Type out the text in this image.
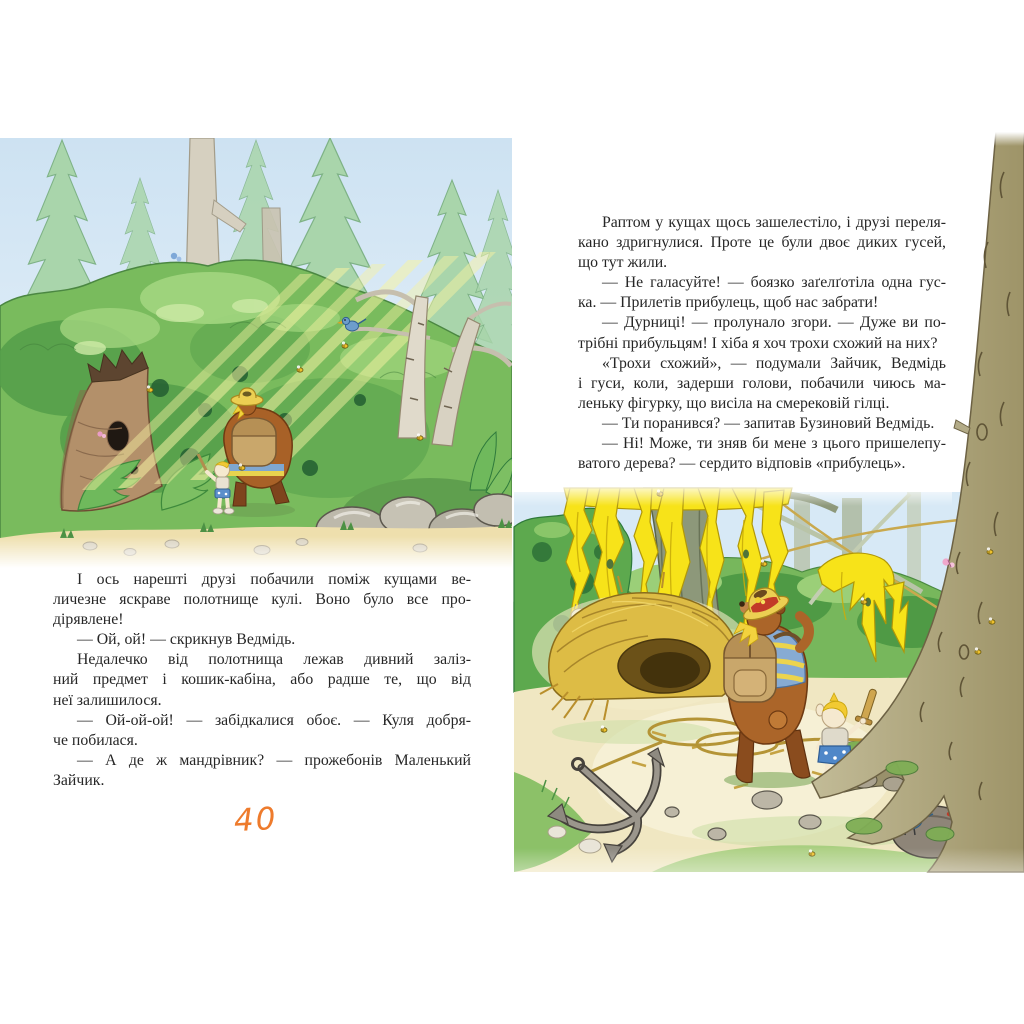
І ось нарешті друзі побачили поміж кущами ве-

личезне яскраве полотнище кулі. Воно було все про-

дірявлене!

— Ой, ой! — скрикнув Ведмідь.

Недалечко від полотнища лежав дивний заліз-

ний предмет і кошик-кабіна, або радше те, що від

неї залишилося.

— Ой-ой-ой! — забідкалися обоє. — Куля добря-

че побилася.

— А де ж мандрівник? — прожебонів Маленький

Зайчик.

40

Раптом у кущах щось зашелестіло, і друзі переля-

кано здригнулися. Проте це були двоє диких гусей,

що тут жили.

— Не галасуйте! — боязко заґелґотіла одна гус-

ка. — Прилетів прибулець, щоб нас забрати!

— Дурниці! — пролунало згори. — Дуже ви по-

трібні прибульцям! І хіба я хоч трохи схожий на них?

«Трохи схожий», — подумали Зайчик, Ведмідь

і гуси, коли, задерши голови, побачили чиюсь ма-

леньку фігурку, що висіла на смерековій гілці.

— Ти поранився? — запитав Бузиновий Ведмідь.

— Ні! Може, ти зняв би мене з цього пришелепу-

ватого дерева? — сердито відповів «прибулець».
